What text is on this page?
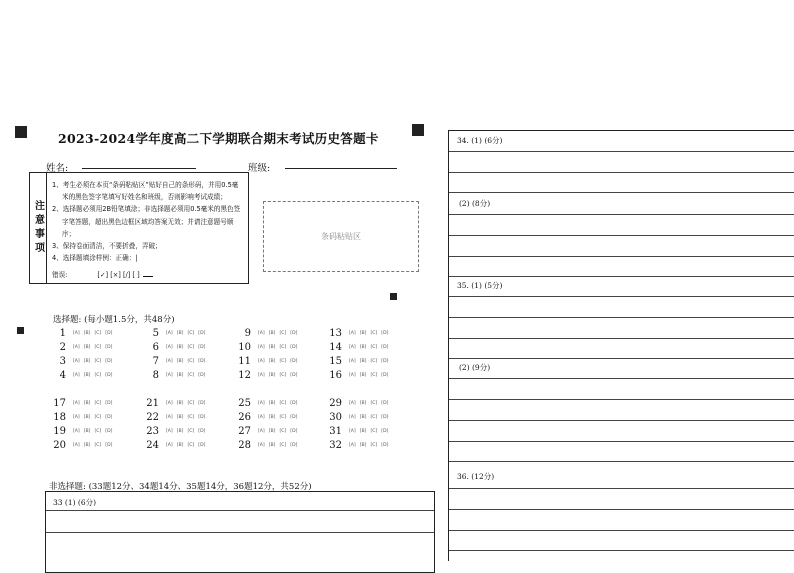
2023-2024学年度高二下学期联合期末考试历史答题卡
姓名:	班级:
注意事项
1、考生必须在本页“条码粘贴区”贴好自己的条形码，并用0.5毫米的黑色签字笔填写好姓名和班级，否则影响考试成绩；
2、选择题必须用2B铅笔填涂；非选择题必须用0.5毫米的黑色签字笔答题，超出黑色边框区域均答案无效；并请注意题号顺序；
3、保持卷面清洁，不要折叠，弄破；
4、选择题填涂样例：正确：|
错误:	[✓] [×] [/] [ ]
条码粘贴区
选择题: (每小题1.5分，共48分)
1 [A] [B] [C] [D]	5 [A] [B] [C] [D]	9 [A] [B] [C] [D]	13 [A] [B] [C] [D]
2 [A] [B] [C] [D]	6 [A] [B] [C] [D]	10 [A] [B] [C] [D]	14 [A] [B] [C] [D]
3 [A] [B] [C] [D]	7 [A] [B] [C] [D]	11 [A] [B] [C] [D]	15 [A] [B] [C] [D]
4 [A] [B] [C] [D]	8 [A] [B] [C] [D]	12 [A] [B] [C] [D]	16 [A] [B] [C] [D]
17 [A] [B] [C] [D]	21 [A] [B] [C] [D]	25 [A] [B] [C] [D]	29 [A] [B] [C] [D]
18 [A] [B] [C] [D]	22 [A] [B] [C] [D]	26 [A] [B] [C] [D]	30 [A] [B] [C] [D]
19 [A] [B] [C] [D]	23 [A] [B] [C] [D]	27 [A] [B] [C] [D]	31 [A] [B] [C] [D]
20 [A] [B] [C] [D]	24 [A] [B] [C] [D]	28 [A] [B] [C] [D]	32 [A] [B] [C] [D]
非选择题: (33题12分、34题14分、35题14分，36题12分，共52分)
33 (1) (6分)
34. (1) (6分)
(2) (8分)
35. (1) (5分)
(2) (9分)
36. (12分)
